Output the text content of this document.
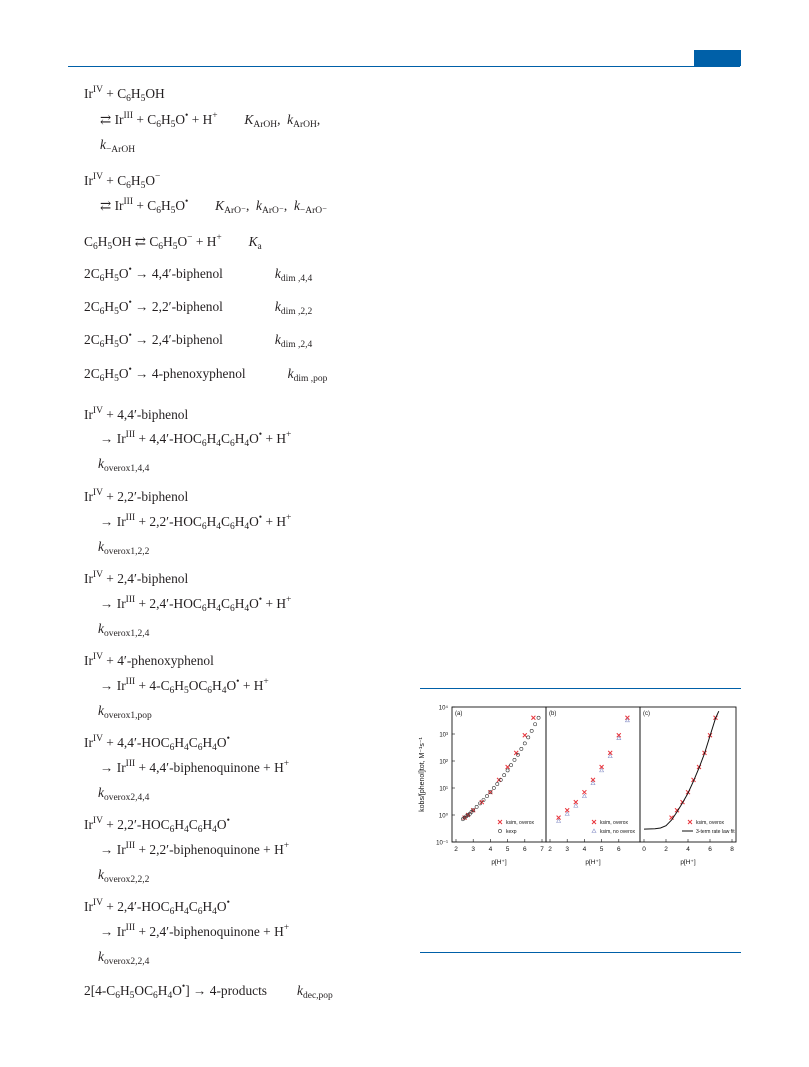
$Ir^{IV} + C_6H_5OH$
⇄ $Ir^{III} + C_6H_5O^• + H^+$ $K_{ArOH}$,  $k_{ArOH}$,
$k_{-ArOH}$
$Ir^{IV} + C_6H_5O^-$
⇄ $Ir^{III} + C_6H_5O^•$ $K_{ArO^-}$,  $k_{ArO^-}$,  $k_{-ArO^-}$
$C_6H_5OH$ ⇄ $C_6H_5O^- + H^+$ $K_a$
$2C_6H_5O^•$ → 4,4′-biphenol	$k_{dim ,4,4}$
$2C_6H_5O^•$ → 2,2′-biphenol	$k_{dim ,2,2}$
$2C_6H_5O^•$ → 2,4′-biphenol	$k_{dim ,2,4}$
$2C_6H_5O^•$ → 4-phenoxyphenol	$k_{dim ,pop}$
$Ir^{IV}$ + 4,4′-biphenol
→ $Ir^{III} + 4,4'-HOC_6H_4C_6H_4O^• + H^+$
$k_{overox1,4,4}$
$Ir^{IV}$ + 2,2′-biphenol
→ $Ir^{III} + 2,2'-HOC_6H_4C_6H_4O^• + H^+$
$k_{overox1,2,2}$
$Ir^{IV}$ + 2,4′-biphenol
→ $Ir^{III} + 2,4'-HOC_6H_4C_6H_4O^• + H^+$
$k_{overox1,2,4}$
$Ir^{IV}$ + 4′-phenoxyphenol
→ $Ir^{III} + 4-C_6H_5OC_6H_4O^• + H^+$
$k_{overox1,pop}$
$Ir^{IV} + 4,4'-HOC_6H_4C_6H_4O^•$
→ $Ir^{III}$ + 4,4′-biphenoquinone + H+
$k_{overox2,4,4}$
$Ir^{IV} + 2,2'-HOC_6H_4C_6H_4O^•$
→ $Ir^{III}$ + 2,2′-biphenoquinone + H+
$k_{overox2,2,2}$
$Ir^{IV} + 2,4'-HOC_6H_4C_6H_4O^•$
→ $Ir^{III}$ + 2,4′-biphenoquinone + H+
$k_{overox2,2,4}$
$2[4-C_6H_5OC_6H_4O^•]$ → 4-products $k_{dec,pop}$
kobs/[phenol]tot, M⁻¹s⁻¹
10⁻¹
10⁰
10¹
10²
10³
10⁴
(a)
2 3 4 5 6 7
p[H⁺]
ksim, overox
kexp
(b)
2 3 4 5 6
p[H⁺]
ksim, overox
ksim, no overox
(c)
0	2	4	6	8
p[H⁺]
ksim, overox
3-term rate law fit
